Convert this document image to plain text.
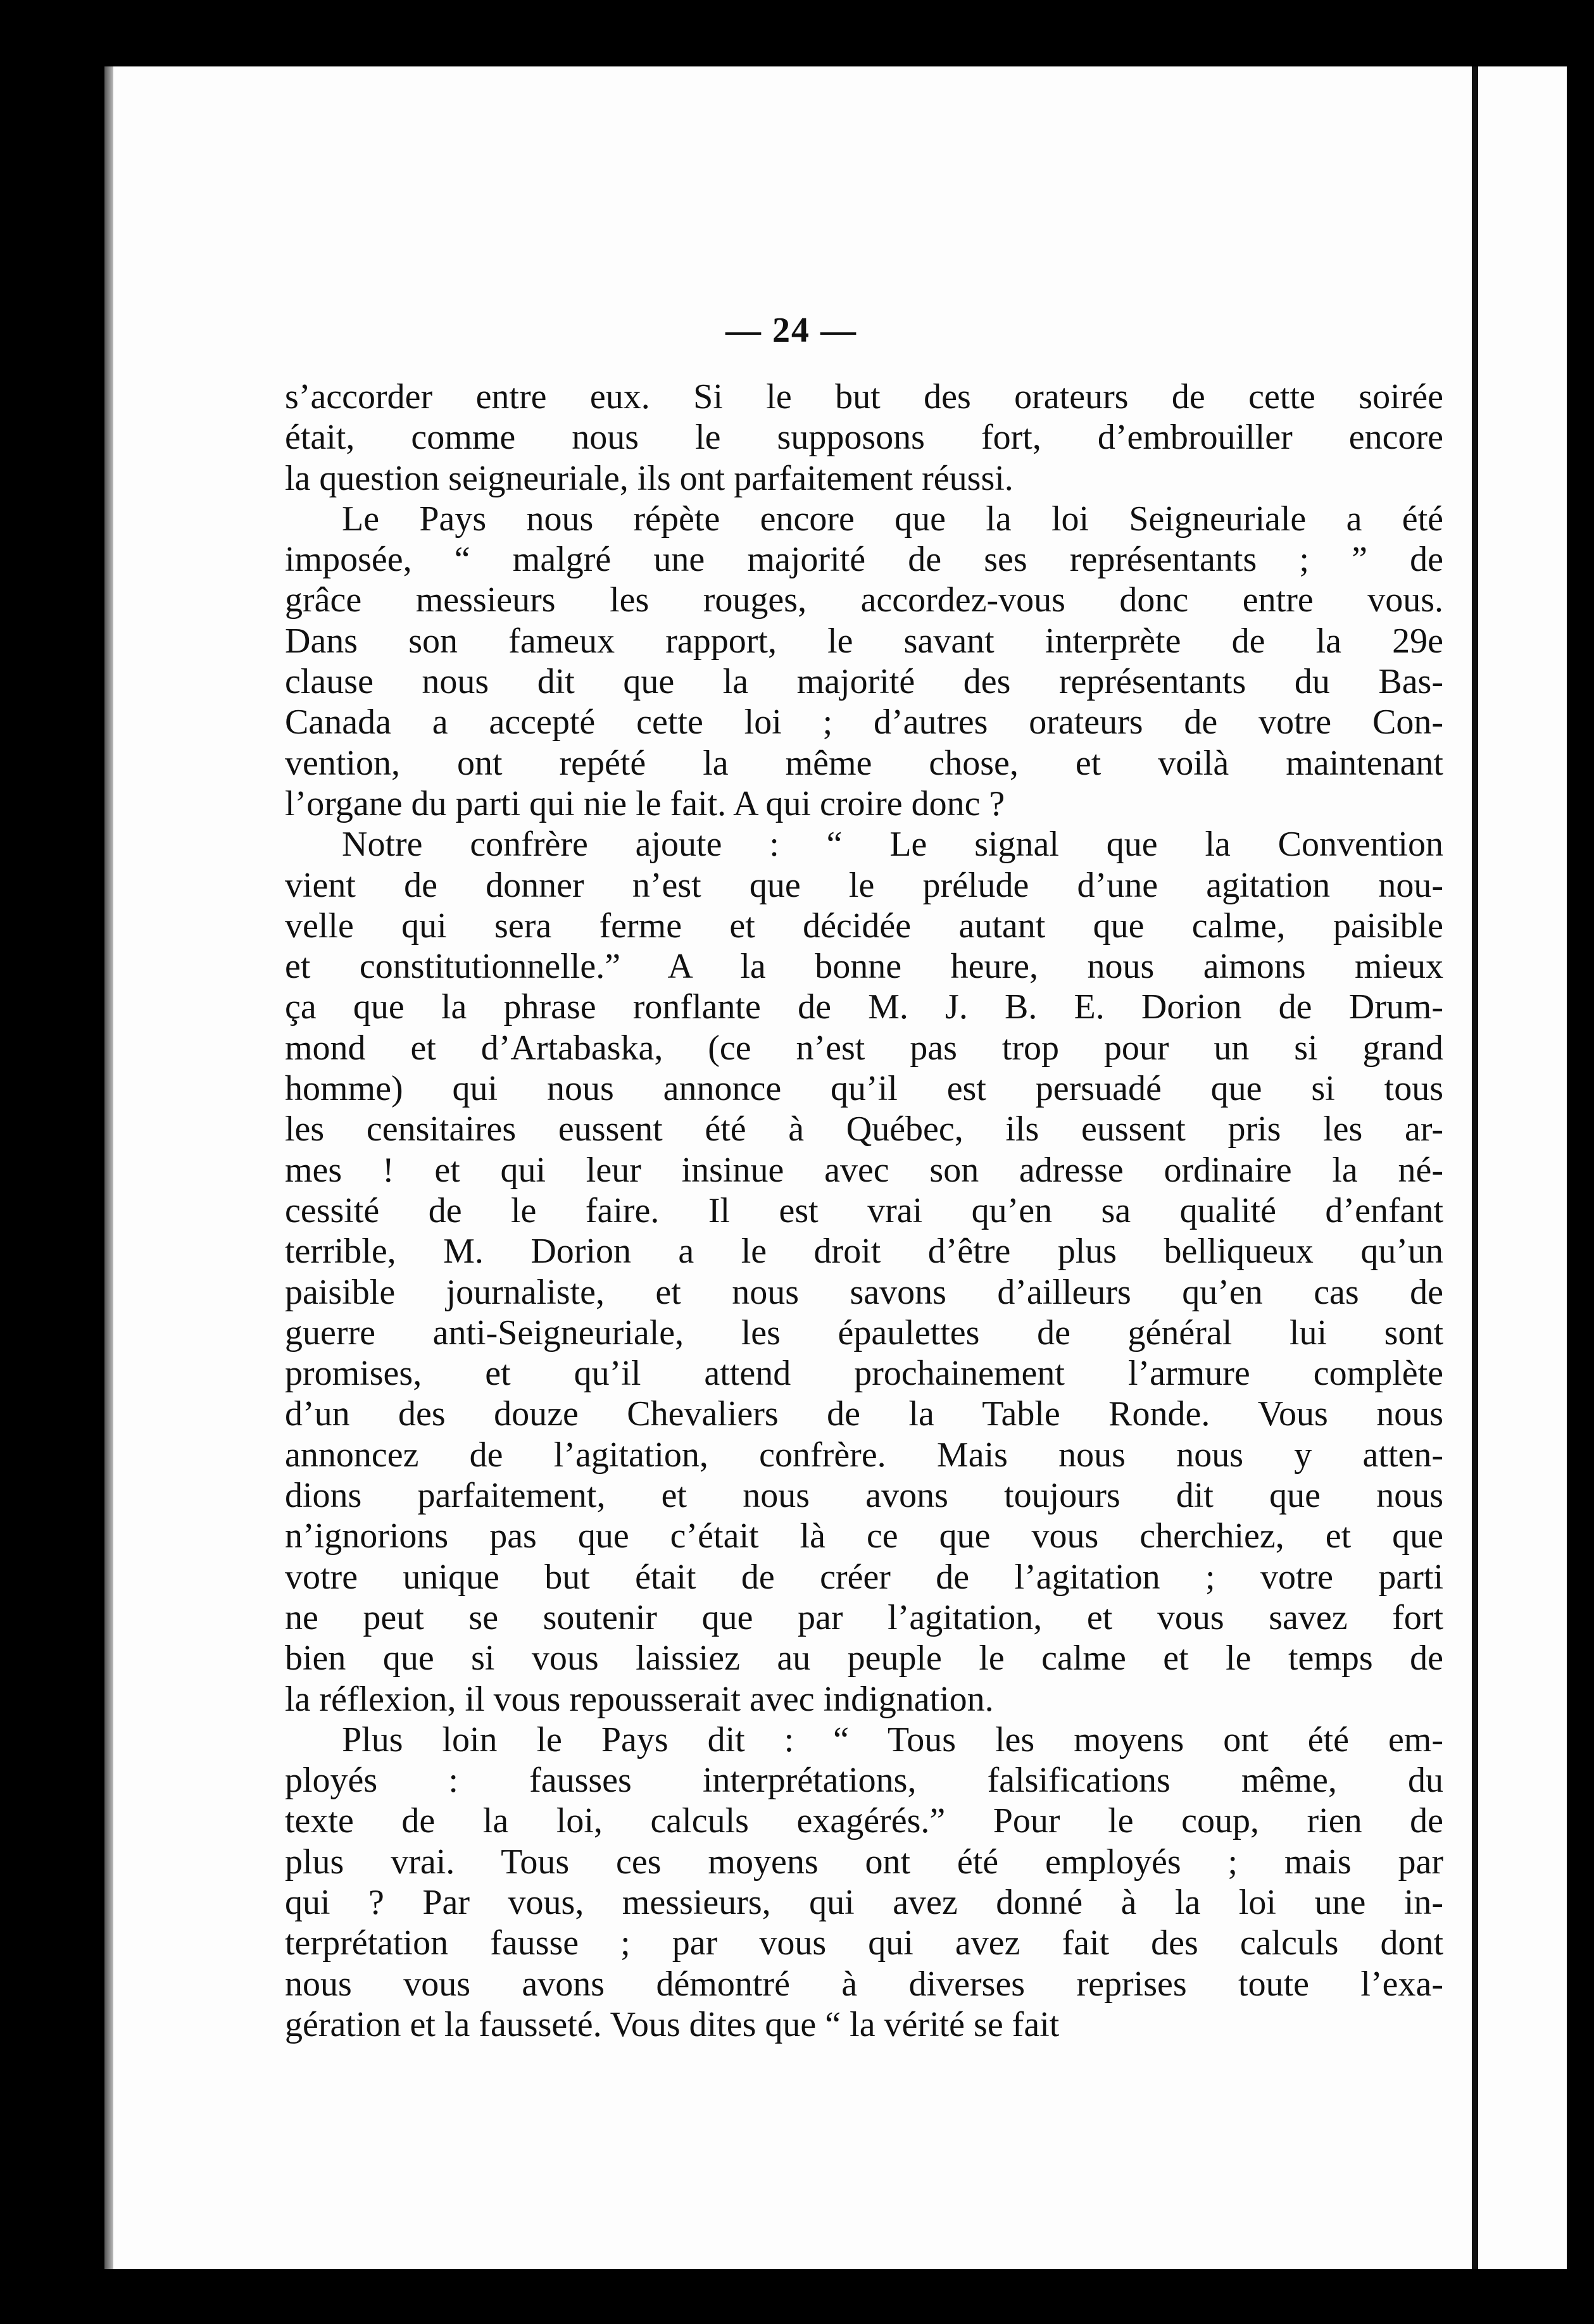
— 24 —
s’accorder entre eux. Si le but des orateurs de cette soirée
était, comme nous le supposons fort, d’embrouiller encore
la question seigneuriale, ils ont parfaitement réussi.
Le Pays nous répète encore que la loi Seigneuriale a été
imposée, “ malgré une majorité de ses représentants ; ” de
grâce messieurs les rouges, accordez-vous donc entre vous.
Dans son fameux rapport, le savant interprète de la 29e
clause nous dit que la majorité des représentants du Bas-
Canada a accepté cette loi ; d’autres orateurs de votre Con-
vention, ont repété la même chose, et voilà maintenant
l’organe du parti qui nie le fait. A qui croire donc ?
Notre confrère ajoute : “ Le signal que la Convention
vient de donner n’est que le prélude d’une agitation nou-
velle qui sera ferme et décidée autant que calme, paisible
et constitutionnelle.” A la bonne heure, nous aimons mieux
ça que la phrase ronflante de M. J. B. E. Dorion de Drum-
mond et d’Artabaska, (ce n’est pas trop pour un si grand
homme) qui nous annonce qu’il est persuadé que si tous
les censitaires eussent été à Québec, ils eussent pris les ar-
mes ! et qui leur insinue avec son adresse ordinaire la né-
cessité de le faire. Il est vrai qu’en sa qualité d’enfant
terrible, M. Dorion a le droit d’être plus belliqueux qu’un
paisible journaliste, et nous savons d’ailleurs qu’en cas de
guerre anti-Seigneuriale, les épaulettes de général lui sont
promises, et qu’il attend prochainement l’armure complète
d’un des douze Chevaliers de la Table Ronde. Vous nous
annoncez de l’agitation, confrère. Mais nous nous y atten-
dions parfaitement, et nous avons toujours dit que nous
n’ignorions pas que c’était là ce que vous cherchiez, et que
votre unique but était de créer de l’agitation ; votre parti
ne peut se soutenir que par l’agitation, et vous savez fort
bien que si vous laissiez au peuple le calme et le temps de
la réflexion, il vous repousserait avec indignation.
Plus loin le Pays dit : “ Tous les moyens ont été em-
ployés : fausses interprétations, falsifications même, du
texte de la loi, calculs exagérés.” Pour le coup, rien de
plus vrai. Tous ces moyens ont été employés ; mais par
qui ? Par vous, messieurs, qui avez donné à la loi une in-
terprétation fausse ; par vous qui avez fait des calculs dont
nous vous avons démontré à diverses reprises toute l’exa-
gération et la fausseté. Vous dites que “ la vérité se fait
